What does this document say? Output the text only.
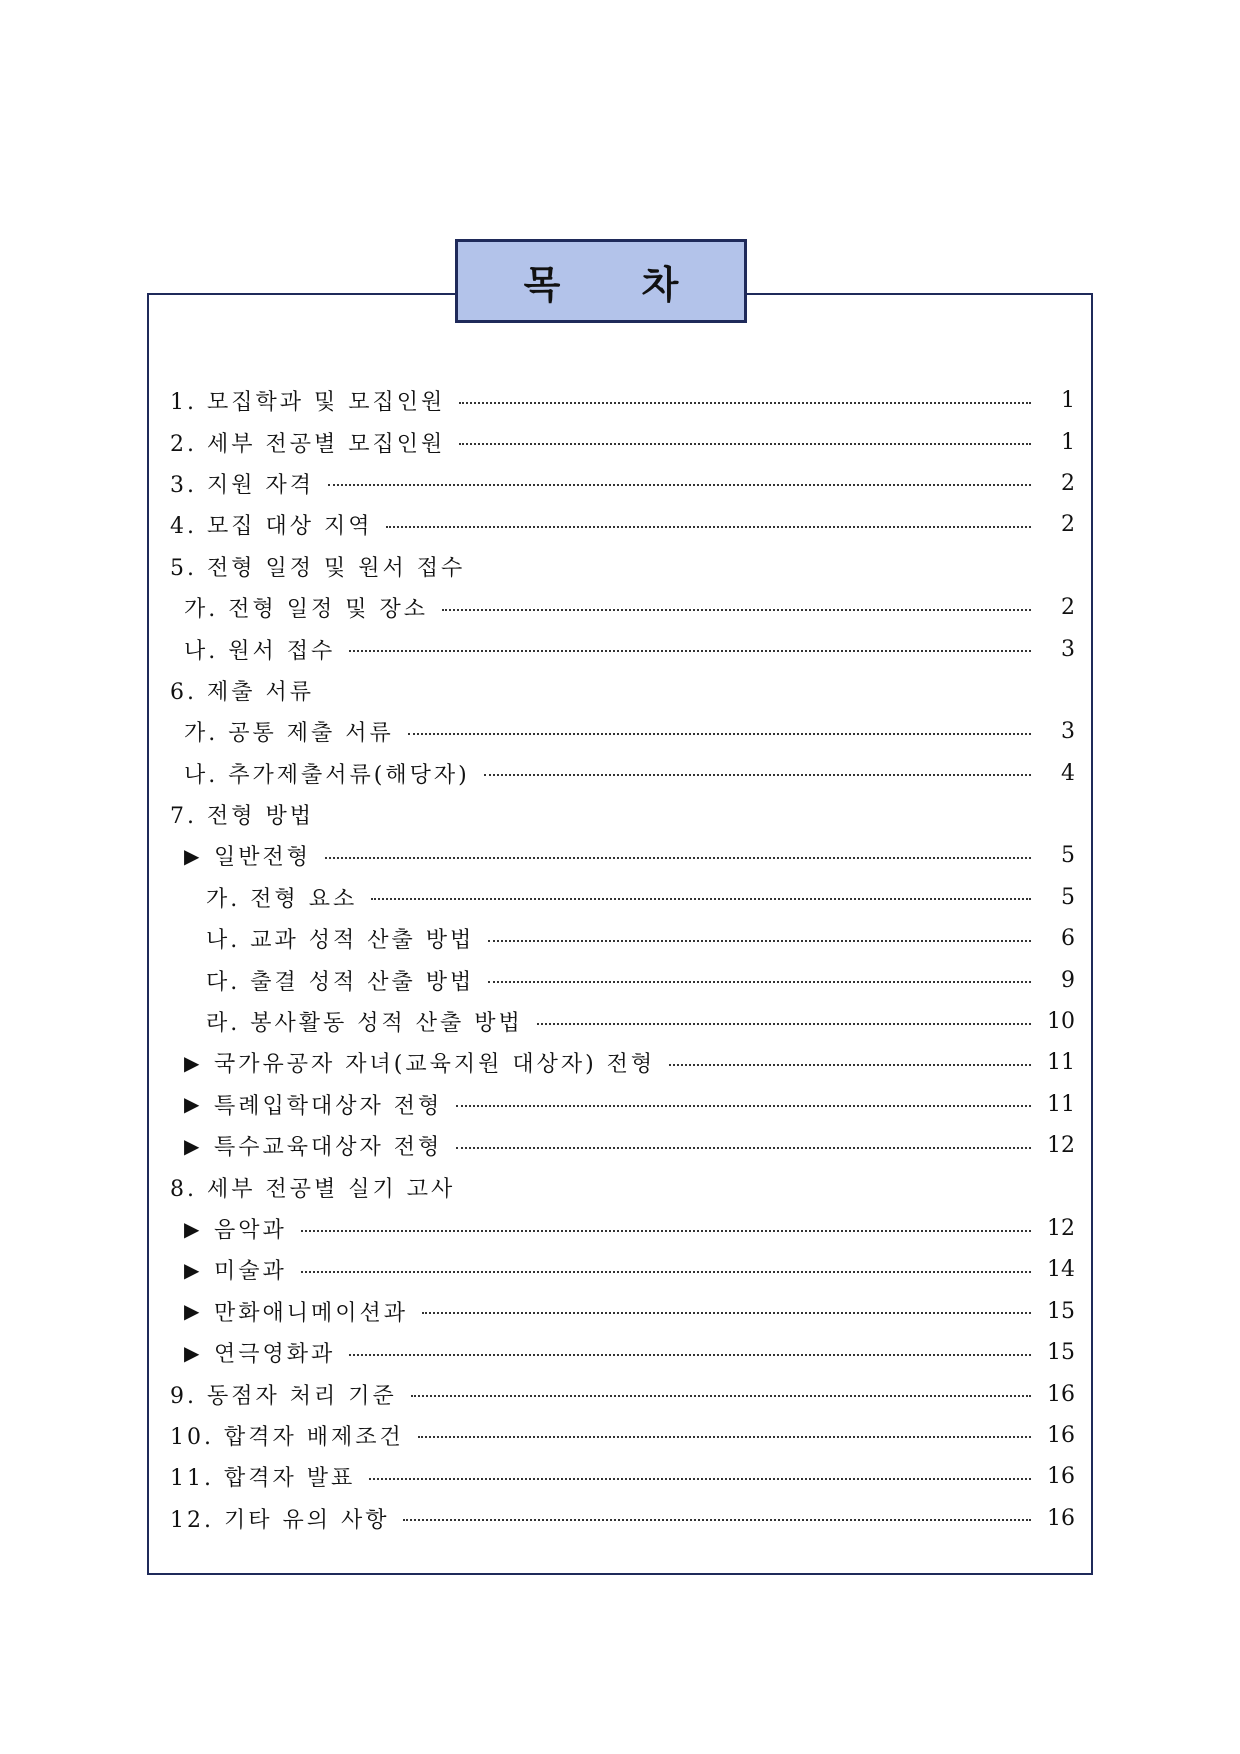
목 차
1. 모집학과 및 모집인원	1
2. 세부 전공별 모집인원	1
3. 지원 자격	2
4. 모집 대상 지역	2
5. 전형 일정 및 원서 접수
가. 전형 일정 및 장소	2
나. 원서 접수	3
6. 제출 서류
가. 공통 제출 서류	3
나. 추가제출서류(해당자)	4
7. 전형 방법
▶ 일반전형	5
가. 전형 요소	5
나. 교과 성적 산출 방법	6
다. 출결 성적 산출 방법	9
라. 봉사활동 성적 산출 방법	10
▶ 국가유공자 자녀(교육지원 대상자) 전형	11
▶ 특례입학대상자 전형	11
▶ 특수교육대상자 전형	12
8. 세부 전공별 실기 고사
▶ 음악과	12
▶ 미술과	14
▶ 만화애니메이션과	15
▶ 연극영화과	15
9. 동점자 처리 기준	16
10. 합격자 배제조건	16
11. 합격자 발표	16
12. 기타 유의 사항	16
